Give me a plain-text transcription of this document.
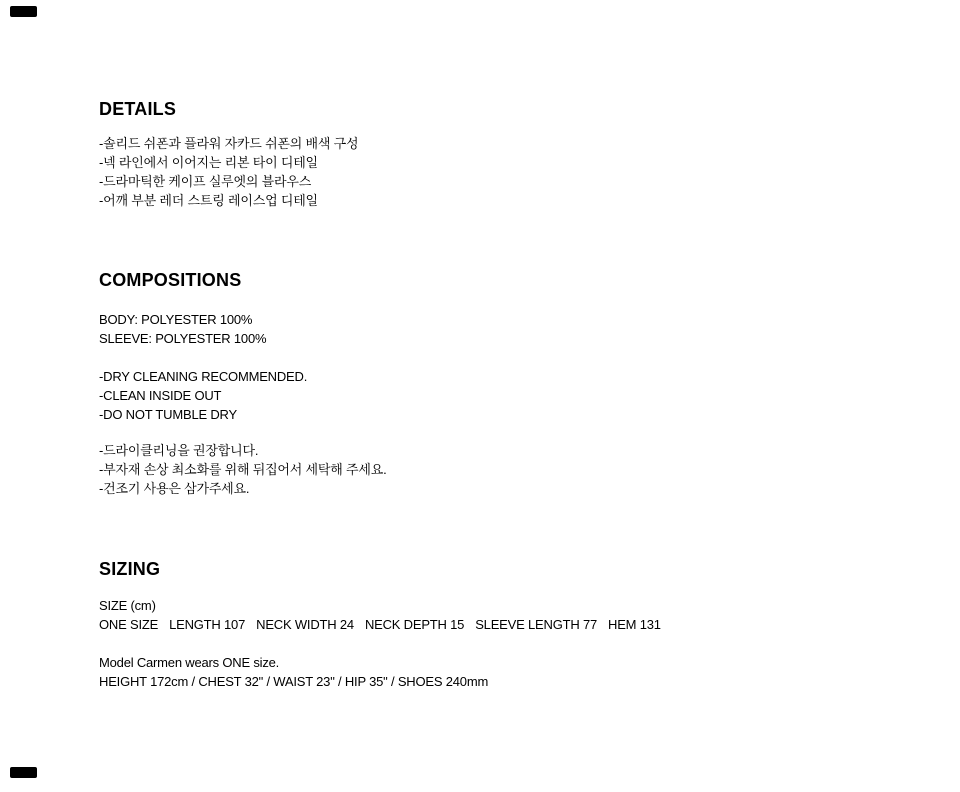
DETAILS
-솔리드 쉬폰과 플라워 자카드 쉬폰의 배색 구성
-넥 라인에서 이어지는 리본 타이 디테일
-드라마틱한 케이프 실루엣의 블라우스
-어깨 부분 레더 스트링 레이스업 디테일
COMPOSITIONS
BODY: POLYESTER 100%
SLEEVE: POLYESTER 100%
-DRY CLEANING RECOMMENDED.
-CLEAN INSIDE OUT
-DO NOT TUMBLE DRY
-드라이클리닝을 권장합니다.
-부자재 손상 최소화를 위해 뒤집어서 세탁해 주세요.
-건조기 사용은 삼가주세요.
SIZING
SIZE (cm)
ONE SIZE LENGTH 107 NECK WIDTH 24 NECK DEPTH 15 SLEEVE LENGTH 77 HEM 131
Model Carmen wears ONE size.
HEIGHT 172cm / CHEST 32" / WAIST 23" / HIP 35" / SHOES 240mm
